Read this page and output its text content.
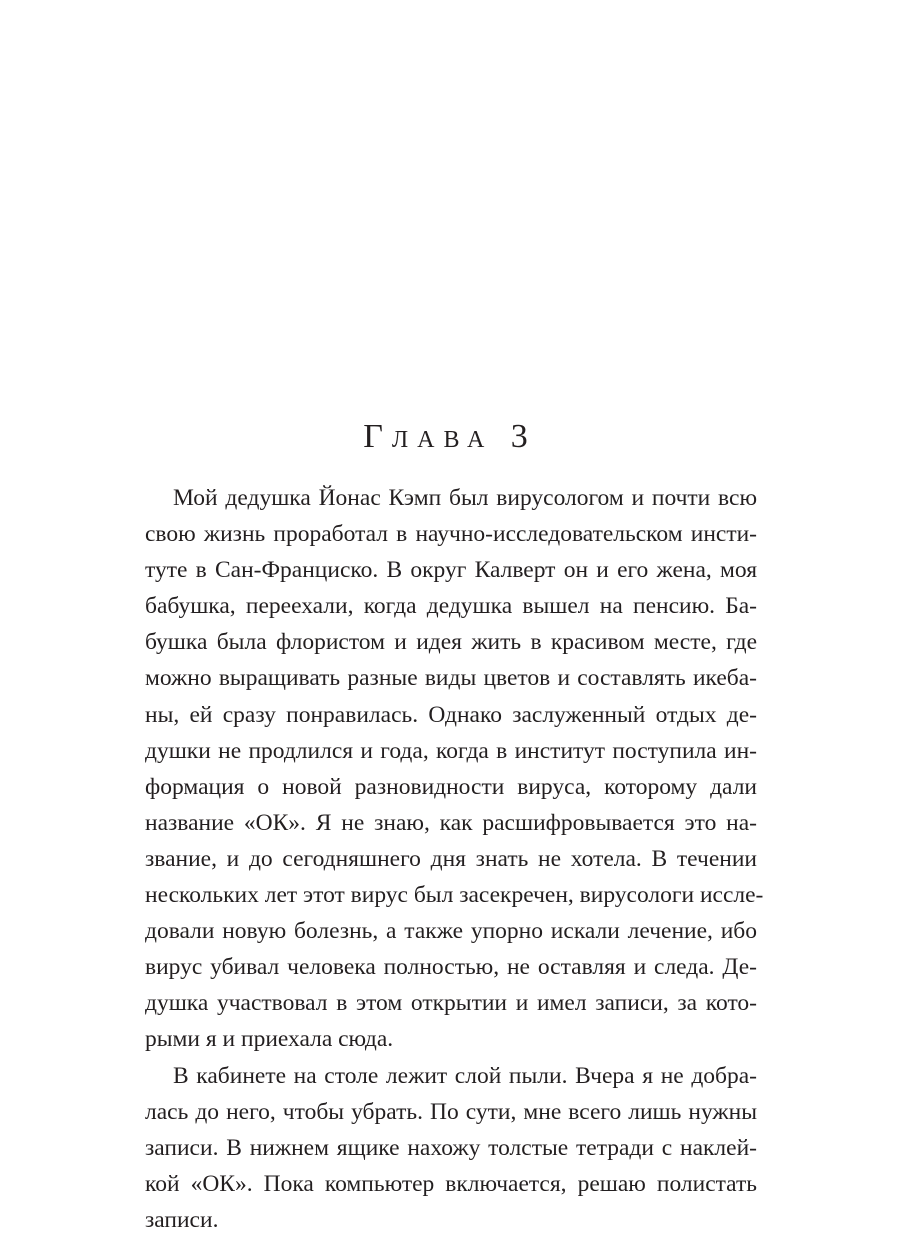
Глава 3
Мой дедушка Йонас Кэмп был вирусологом и почти всю
свою жизнь проработал в научно-исследовательском инсти-
туте в Сан-Франциско. В округ Калверт он и его жена, моя
бабушка, переехали, когда дедушка вышел на пенсию. Ба-
бушка была флористом и идея жить в красивом месте, где
можно выращивать разные виды цветов и составлять икеба-
ны, ей сразу понравилась. Однако заслуженный отдых де-
душки не продлился и года, когда в институт поступила ин-
формация о новой разновидности вируса, которому дали
название «ОК». Я не знаю, как расшифровывается это на-
звание, и до сегодняшнего дня знать не хотела. В течении
нескольких лет этот вирус был засекречен, вирусологи иссле-
довали новую болезнь, а также упорно искали лечение, ибо
вирус убивал человека полностью, не оставляя и следа. Де-
душка участвовал в этом открытии и имел записи, за кото-
рыми я и приехала сюда.
В кабинете на столе лежит слой пыли. Вчера я не добра-
лась до него, чтобы убрать. По сути, мне всего лишь нужны
записи. В нижнем ящике нахожу толстые тетради с наклей-
кой «ОК». Пока компьютер включается, решаю полистать
записи.
